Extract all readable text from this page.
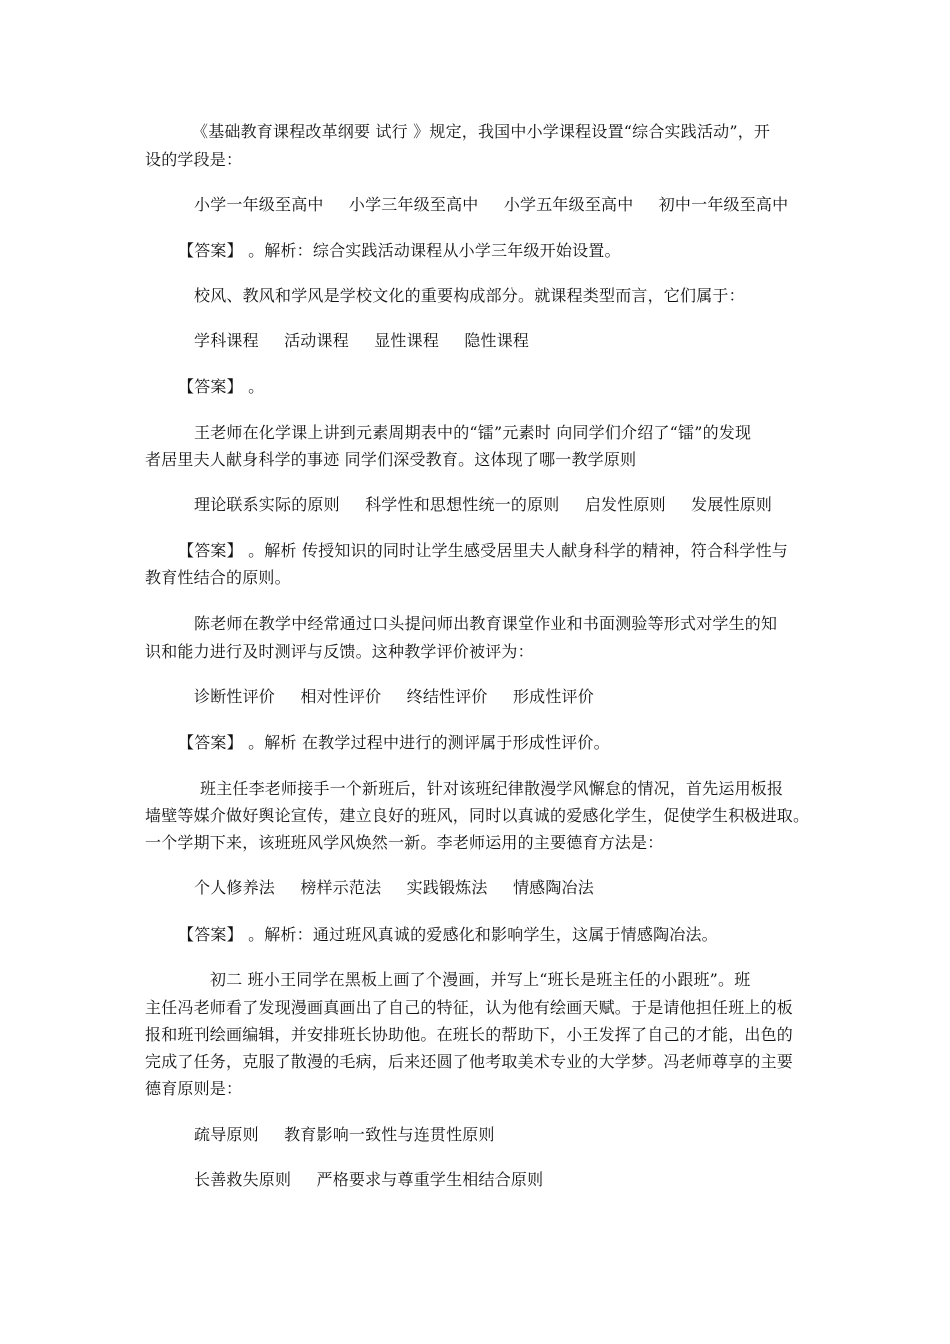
《基础教育课程改革纲要 试行 》规定，我国中小学课程设置“综合实践活动”，开
设的学段是：
小学一年级至高中 小学三年级至高中 小学五年级至高中 初中一年级至高中
【答案】 。解析：综合实践活动课程从小学三年级开始设置。
校风、教风和学风是学校文化的重要构成部分。就课程类型而言，它们属于：
学科课程 活动课程 显性课程 隐性课程
【答案】 。
王老师在化学课上讲到元素周期表中的“镭”元素时 向同学们介绍了“镭”的发现
者居里夫人献身科学的事迹 同学们深受教育。这体现了哪一教学原则
理论联系实际的原则 科学性和思想性统一的原则 启发性原则 发展性原则
【答案】 。解析 传授知识的同时让学生感受居里夫人献身科学的精神，符合科学性与
教育性结合的原则。
陈老师在教学中经常通过口头提问师出教育课堂作业和书面测验等形式对学生的知
识和能力进行及时测评与反馈。这种教学评价被评为：
诊断性评价 相对性评价 终结性评价 形成性评价
【答案】 。解析 在教学过程中进行的测评属于形成性评价。
班主任李老师接手一个新班后，针对该班纪律散漫学风懈怠的情况，首先运用板报
墙壁等媒介做好舆论宣传，建立良好的班风，同时以真诚的爱感化学生，促使学生积极进取。
一个学期下来，该班班风学风焕然一新。李老师运用的主要德育方法是：
个人修养法 榜样示范法 实践锻炼法 情感陶冶法
【答案】 。解析：通过班风真诚的爱感化和影响学生，这属于情感陶冶法。
初二 班小王同学在黑板上画了个漫画，并写上“班长是班主任的小跟班”。班
主任冯老师看了发现漫画真画出了自己的特征，认为他有绘画天赋。于是请他担任班上的板
报和班刊绘画编辑，并安排班长协助他。在班长的帮助下，小王发挥了自己的才能，出色的
完成了任务，克服了散漫的毛病，后来还圆了他考取美术专业的大学梦。冯老师尊享的主要
德育原则是：
疏导原则 教育影响一致性与连贯性原则
长善救失原则 严格要求与尊重学生相结合原则
